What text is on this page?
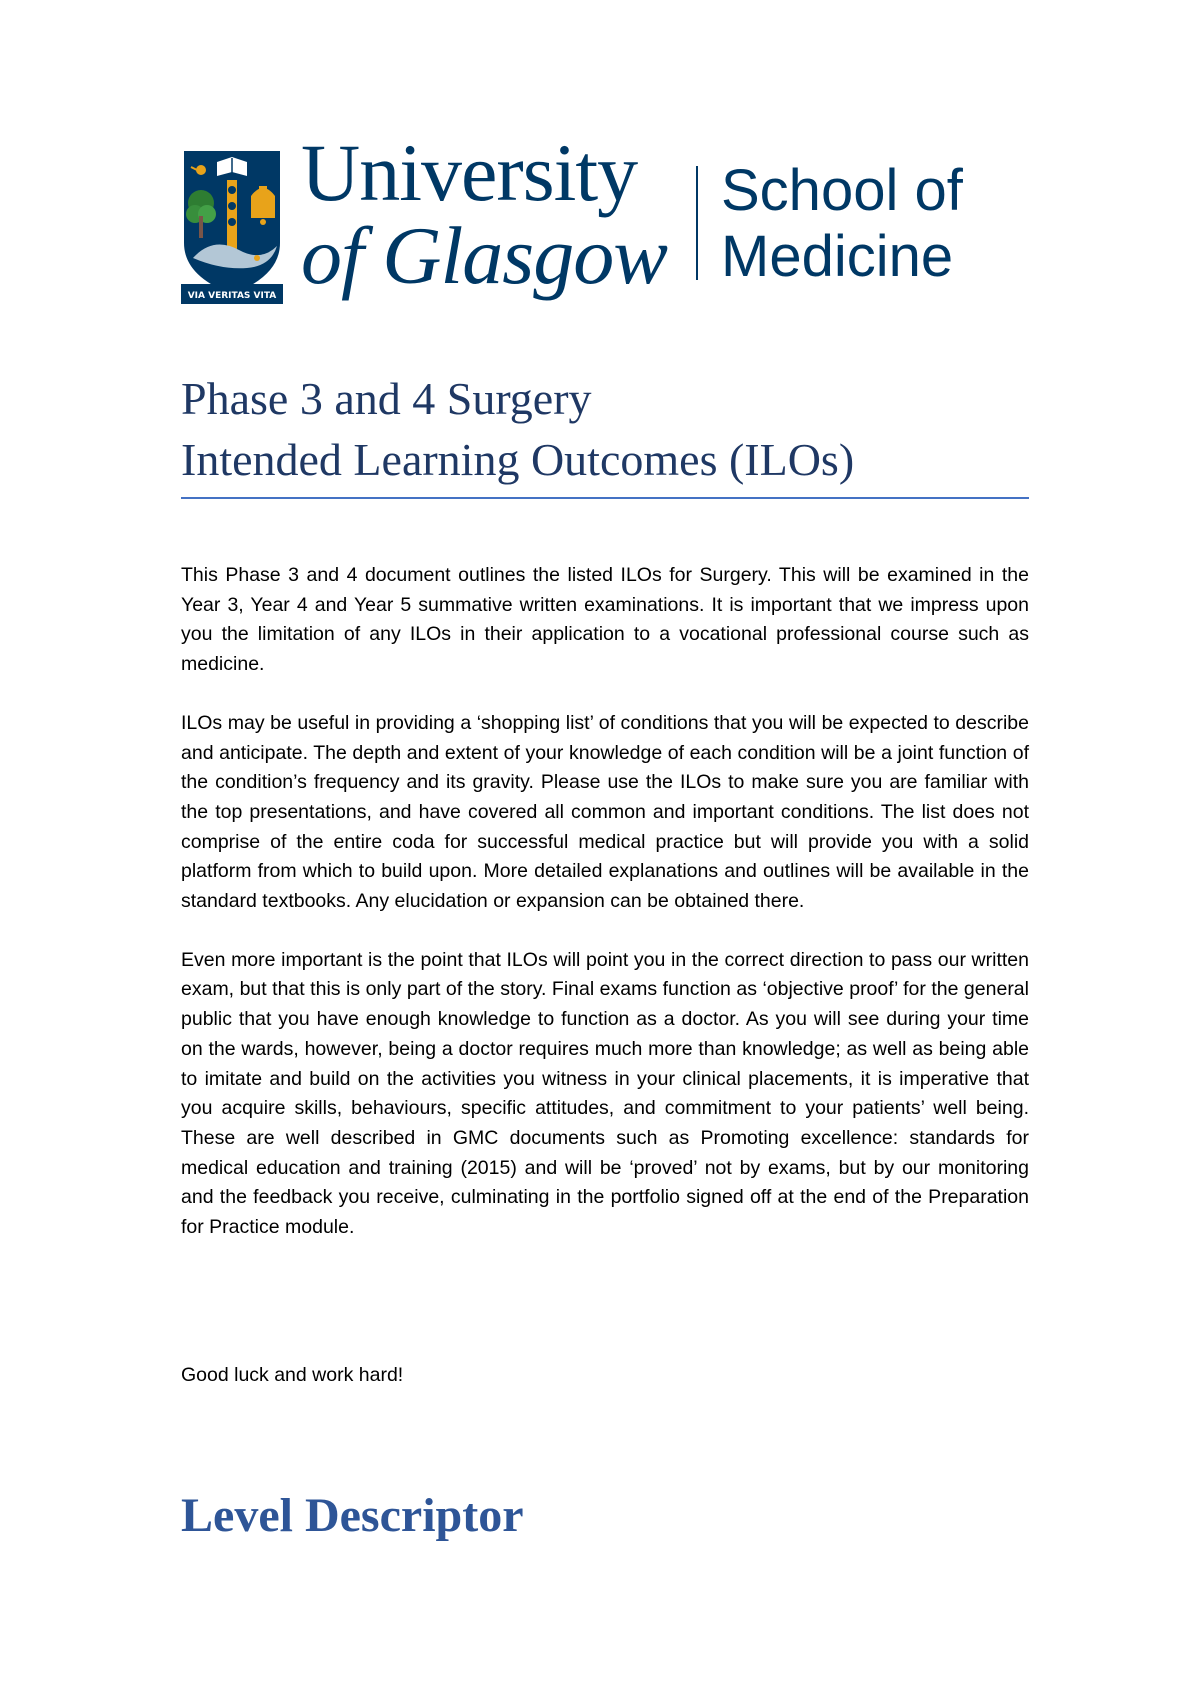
VIA VERITAS VITA
University
of Glasgow
School of
Medicine
Phase 3 and 4 Surgery
Intended Learning Outcomes (ILOs)

This Phase 3 and 4 document outlines the listed ILOs for Surgery. This will be examined in the Year 3, Year 4 and Year 5 summative written examinations. It is important that we impress upon you the limitation of any ILOs in their application to a vocational professional course such as medicine.

ILOs may be useful in providing a ‘shopping list’ of conditions that you will be expected to describe and anticipate. The depth and extent of your knowledge of each condition will be a joint function of the condition’s frequency and its gravity. Please use the ILOs to make sure you are familiar with the top presentations, and have covered all common and important conditions. The list does not comprise of the entire coda for successful medical practice but will provide you with a solid platform from which to build upon. More detailed explanations and outlines will be available in the standard textbooks. Any elucidation or expansion can be obtained there.

Even more important is the point that ILOs will point you in the correct direction to pass our written exam, but that this is only part of the story. Final exams function as ‘objective proof’ for the general public that you have enough knowledge to function as a doctor. As you will see during your time on the wards, however, being a doctor requires much more than knowledge; as well as being able to imitate and build on the activities you witness in your clinical placements, it is imperative that you acquire skills, behaviours, specific attitudes, and commitment to your patients’ well being. These are well described in GMC documents such as Promoting excellence: standards for medical education and training (2015) and will be ‘proved’ not by exams, but by our monitoring and the feedback you receive, culminating in the portfolio signed off at the end of the Preparation for Practice module.

Good luck and work hard!
Level Descriptor
